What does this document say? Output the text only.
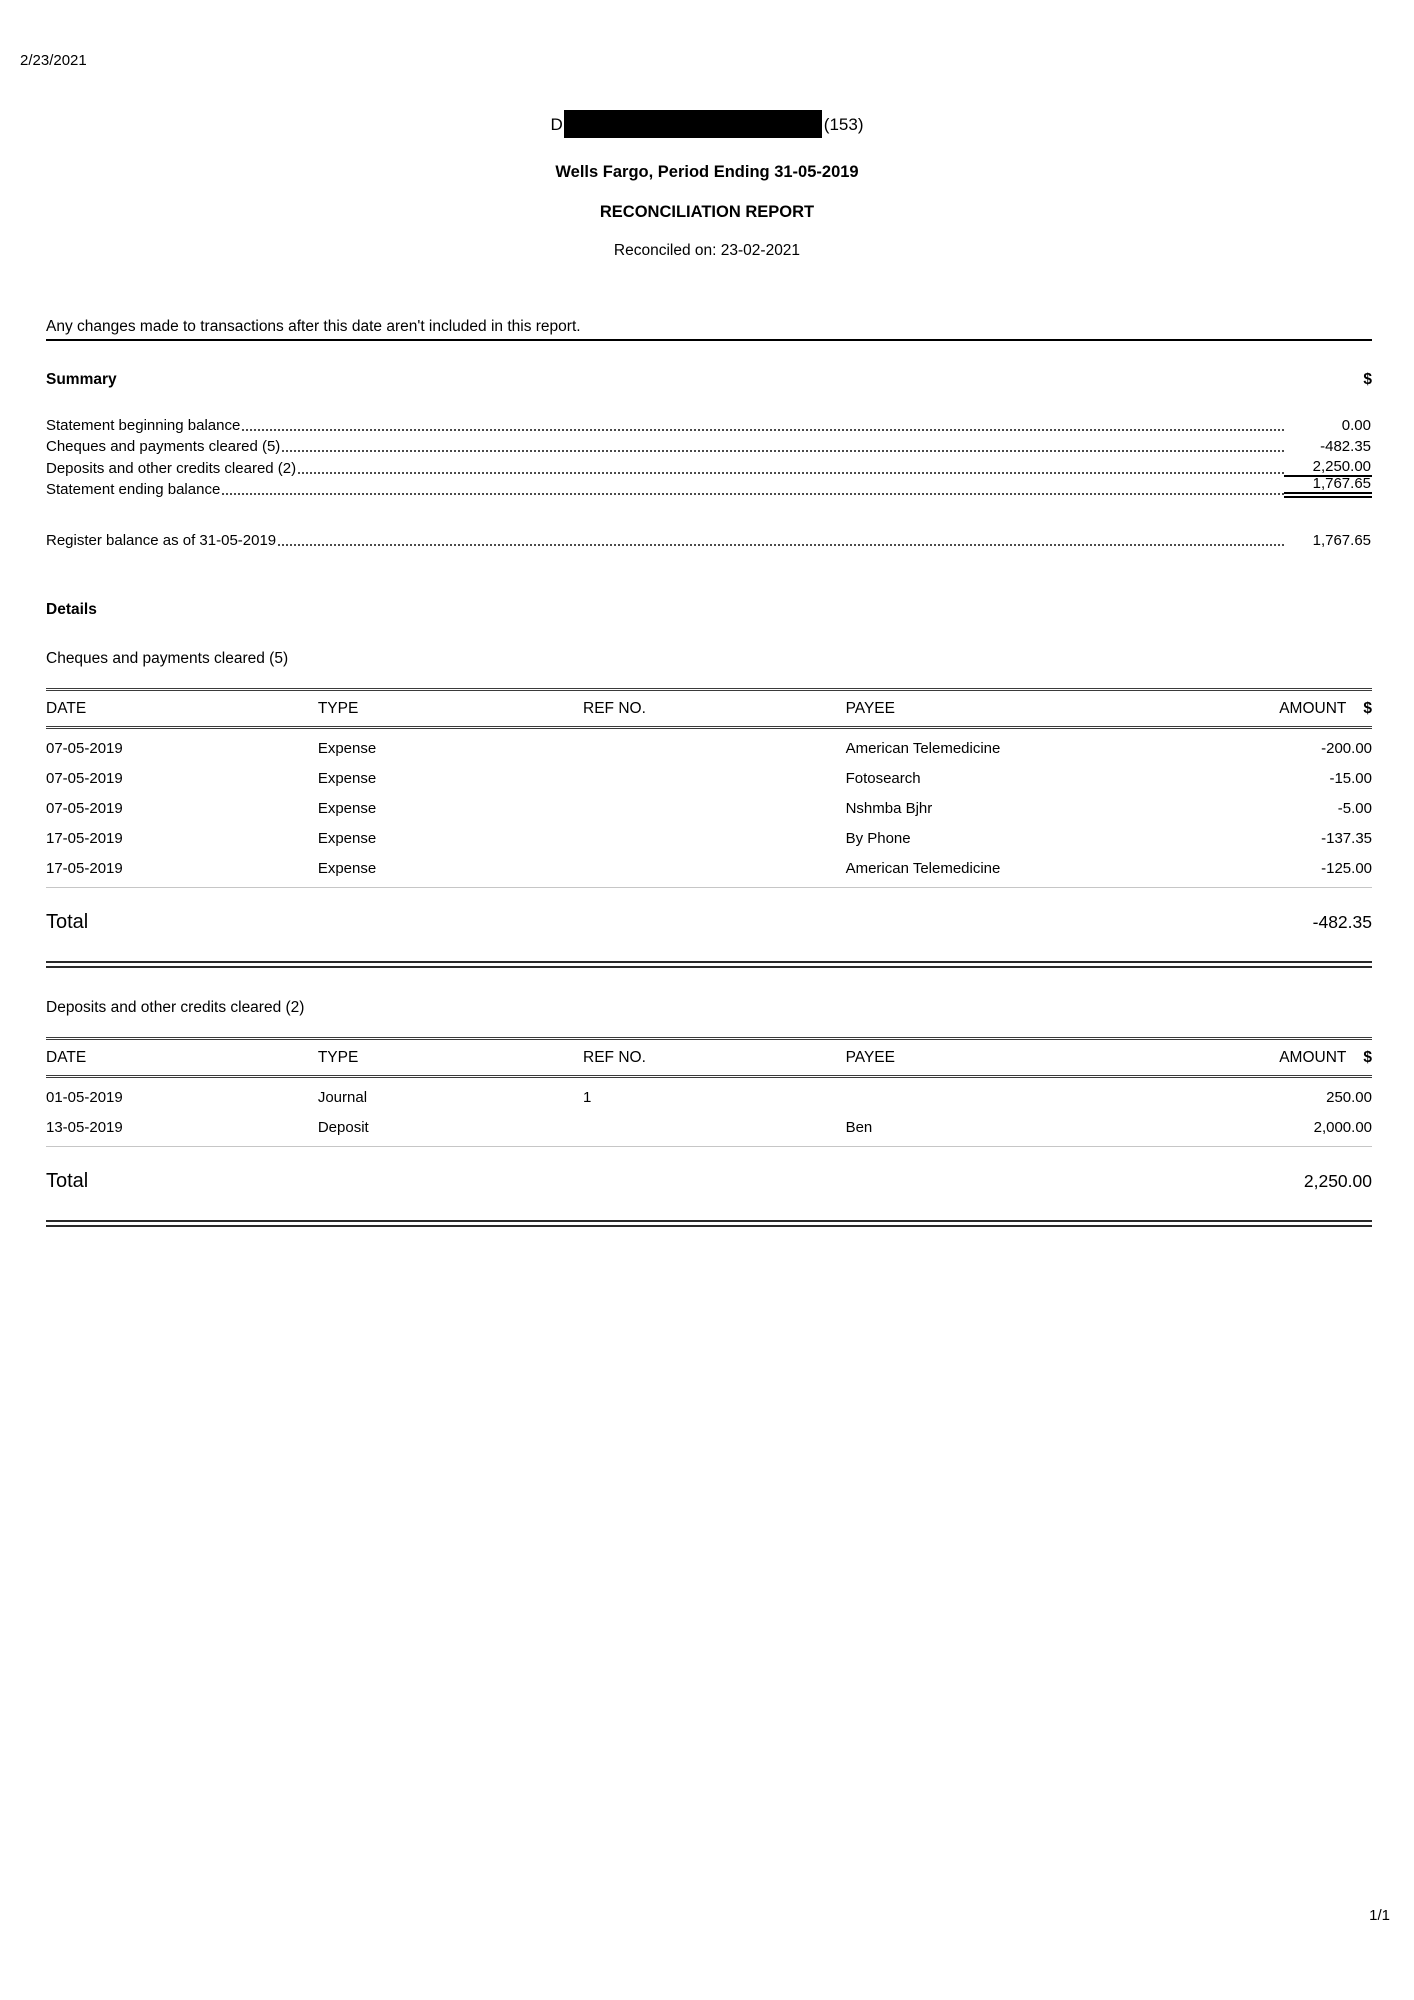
2/23/2021
D	(153)
Wells Fargo, Period Ending 31-05-2019
RECONCILIATION REPORT
Reconciled on: 23-02-2021
Any changes made to transactions after this date aren't included in this report.
Summary	$
Statement beginning balance	0.00
Cheques and payments cleared (5)	-482.35
Deposits and other credits cleared (2)	2,250.00
Statement ending balance	1,767.65
Register balance as of 31-05-2019	1,767.65
Details
Cheques and payments cleared (5)
DATE	TYPE	REF NO.	PAYEE	AMOUNT $
07-05-2019	Expense		American Telemedicine	-200.00
07-05-2019	Expense		Fotosearch	-15.00
07-05-2019	Expense		Nshmba Bjhr	-5.00
17-05-2019	Expense		By Phone	-137.35
17-05-2019	Expense		American Telemedicine	-125.00
Total	-482.35
Deposits and other credits cleared (2)
DATE	TYPE	REF NO.	PAYEE	AMOUNT $
01-05-2019	Journal	1		250.00
13-05-2019	Deposit		Ben	2,000.00
Total	2,250.00
1/1
